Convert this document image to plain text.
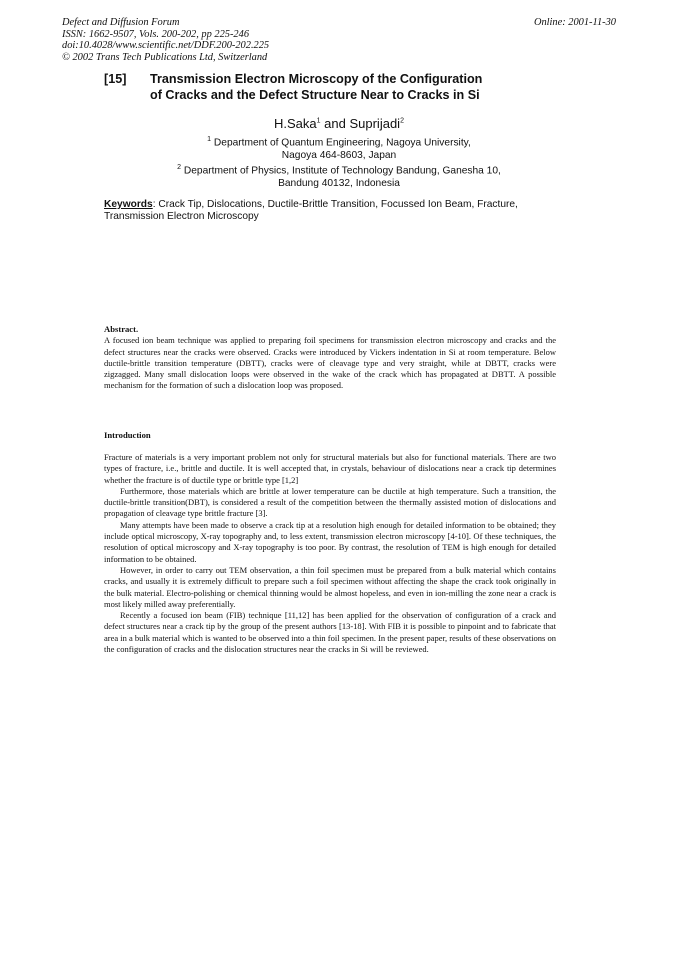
Defect and Diffusion Forum
ISSN: 1662-9507, Vols. 200-202, pp 225-246
doi:10.4028/www.scientific.net/DDF.200-202.225
© 2002 Trans Tech Publications Ltd, Switzerland
Online: 2001-11-30
[15] Transmission Electron Microscopy of the Configuration
of Cracks and the Defect Structure Near to Cracks in Si
H.Saka$^1$ and Suprijadi$^2$
$^1$ Department of Quantum Engineering, Nagoya University,
Nagoya 464-8603, Japan
$^2$ Department of Physics, Institute of Technology Bandung, Ganesha 10,
Bandung 40132, Indonesia
Keywords: Crack Tip, Dislocations, Ductile-Brittle Transition, Focussed Ion Beam, Fracture, Transmission Electron Microscopy
Abstract.

A focused ion beam technique was applied to preparing foil specimens for transmission electron microscopy and cracks and the defect structures near the cracks were observed. Cracks were introduced by Vickers indentation in Si at room temperature. Below ductile-brittle transition temperature (DBTT), cracks were of cleavage type and very straight, while at DBTT, cracks were zigzagged. Many small dislocation loops were observed in the wake of the crack which has propagated at DBTT. A possible mechanism for the formation of such a dislocation loop was proposed.

Introduction

Fracture of materials is a very important problem not only for structural materials but also for functional materials. There are two types of fracture, i.e., brittle and ductile. It is well accepted that, in crystals, behaviour of dislocations near a crack tip determines whether the fracture is of ductile type or brittle type [1,2]

Furthermore, those materials which are brittle at lower temperature can be ductile at high temperature. Such a transition, the ductile-brittle transition(DBT), is considered a result of the competition between the thermally assisted motion of dislocations and propagation of cleavage type brittle fracture [3].

Many attempts have been made to observe a crack tip at a resolution high enough for detailed information to be obtained; they include optical microscopy, X-ray topography and, to less extent, transmission electron microscopy [4-10]. Of these techniques, the resolution of optical microscopy and X-ray topography is too poor. By contrast, the resolution of TEM is high enough for detailed information to be obtained.

However, in order to carry out TEM observation, a thin foil specimen must be prepared from a bulk material which contains cracks, and usually it is extremely difficult to prepare such a foil specimen without affecting the shape the crack took originally in the bulk material. Electro-polishing or chemical thinning would be almost hopeless, and even in ion-milling the zone near a crack is most likely milled away preferentially.

Recently a focused ion beam (FIB) technique [11,12] has been applied for the observation of configuration of a crack and defect structures near a crack tip by the group of the present authors [13-18]. With FIB it is possible to pinpoint and to fabricate that area in a bulk material which is wanted to be observed into a thin foil specimen. In the present paper, results of these observations on the configuration of cracks and the dislocation structures near the cracks in Si will be reviewed.
